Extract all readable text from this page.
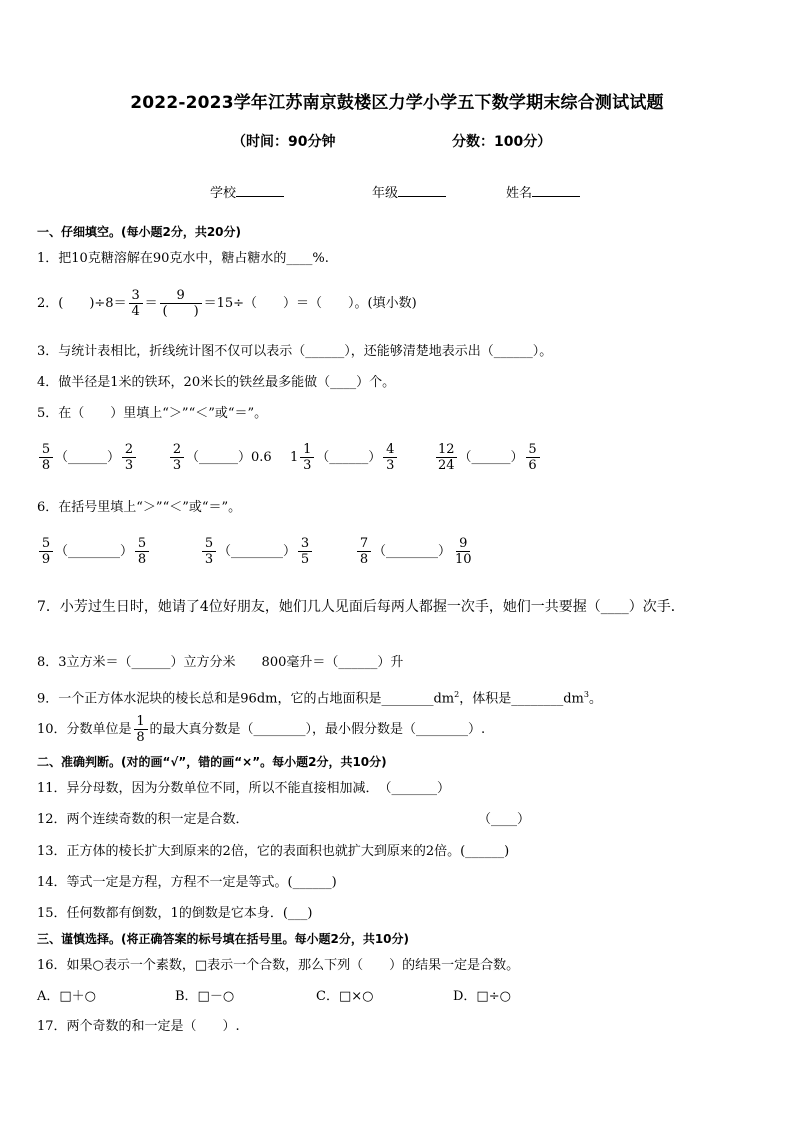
2022-2023学年江苏南京鼓楼区力学小学五下数学期末综合测试试题
（时间：90分钟	分数：100分）
学校	年级	姓名
一、仔细填空。(每小题2分，共20分)
1．把10克糖溶解在90克水中，糖占糖水的____%.
2．(　　)$\div 8= \frac{3}{4} = \frac{9}{( )} =15\div$（　　）＝（　　）。(填小数)
3．与统计表相比，折线统计图不仅可以表示（______），还能够清楚地表示出（______）。
4．做半径是1米的铁环，20米长的铁丝最多能做（____）个。
5．在（　　）里填上“＞”“＜”或“＝”。
$\frac{5}{8}$ （______） $\frac{2}{3}$	$\frac{2}{3}$ （______）0.6 $1 \frac{1}{3}$ （______） $\frac{4}{3}$	$\frac{12}{24}$ （______） $\frac{5}{6}$
6．在括号里填上“＞”“＜”或“＝”。
$\frac{5}{9}$ （________） $\frac{5}{8}$	$\frac{5}{3}$ （________） $\frac{3}{5}$	$\frac{7}{8}$ （________） $\frac{9}{10}$
7．小芳过生日时，她请了4位好朋友，她们几人见面后每两人都握一次手，她们一共要握（____）次手．
8．3立方米＝（______）立方分米　　800毫升＝（______）升
9．一个正方体水泥块的棱长总和是96dm，它的占地面积是$\_\_\_\_\_\_\_\_dm^2$，体积是$\_\_\_\_\_\_\_\_dm^3$。
10．分数单位是 $\frac{1}{8}$ 的最大真分数是（________），最小假分数是（________）.
二、准确判断。(对的画“√”，错的画“×”。每小题2分，共10分)
11．异分母数，因为分数单位不同，所以不能直接相加减．　（_______）
12．两个连续奇数的积一定是合数．	（____）
13．正方体的棱长扩大到原来的2倍，它的表面积也就扩大到原来的2倍。(______)
14．等式一定是方程，方程不一定是等式。(______)
15．任何数都有倒数，1的倒数是它本身．(___)
三、谨慎选择。(将正确答案的标号填在括号里。每小题2分，共10分)
16．如果○表示一个素数，□表示一个合数，那么下列（　　）的结果一定是合数。
A．□＋○	B．□－○	C．□×○	D．□÷○
17．两个奇数的和一定是（　　）.
